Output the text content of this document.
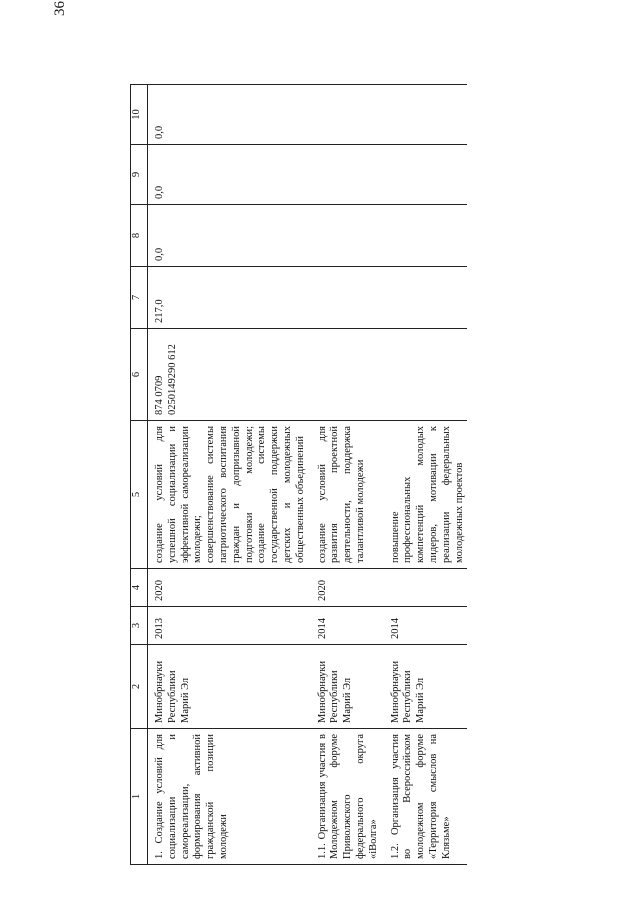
36
1	2	3	4	5	6	7	8	9	10
1. Создание условий для социализации и самореализации, формирования активной гражданской позиции молодежи	Минобрнауки Республики Марий Эл	2013	2020	создание условий для успешной социализации и эффективной самореализации молодежи; совершенствование системы патриотического воспитания граждан и допризывной подготовки молодежи; создание системы государственной поддержки детских и молодежных общественных объединений	874 0709 0250149290 612	217,0	0,0	0,0	0,0
1.1. Организация участия в Молодежном форуме Приволжского федерального округа «iВолга»	Минобрнауки Республики Марий Эл	2014	2020	создание условий для развития проектной деятельности, поддержка талантливой молодежи					
1.2. Организация участия во Всероссийском молодежном форуме «Территория смыслов на Клязьме»	Минобрнауки Республики Марий Эл	2014		повышение профессиональных компетенций молодых лидеров, мотивации к реализации федеральных молодежных проектов					
